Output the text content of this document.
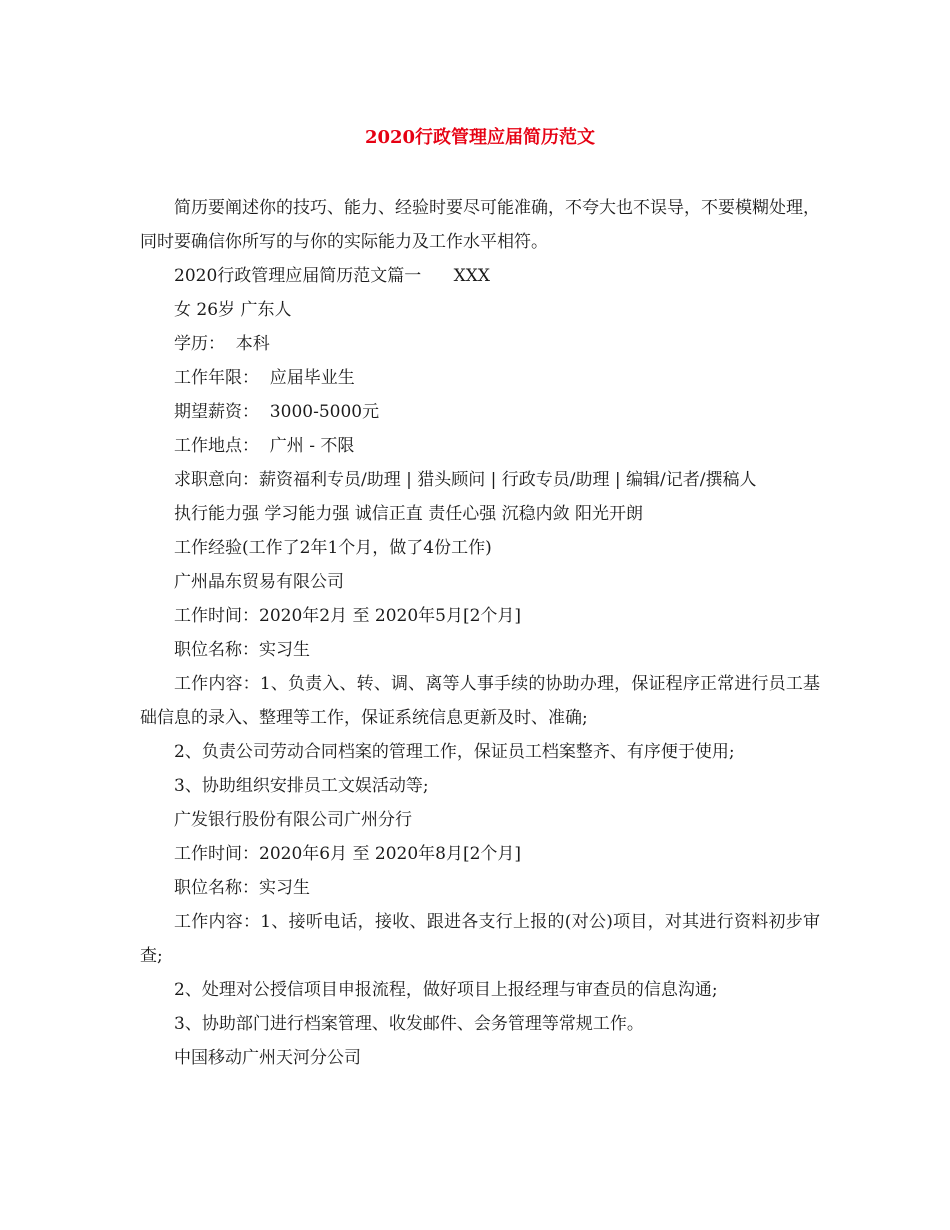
2020行政管理应届简历范文

简历要阐述你的技巧、能力、经验时要尽可能准确，不夸大也不误导，不要模糊处理，同时要确信你所写的与你的实际能力及工作水平相符。

2020行政管理应届简历范文篇一      XXX

女 26岁 广东人

学历：  本科

工作年限：  应届毕业生

期望薪资：  3000-5000元

工作地点：  广州 - 不限

求职意向：薪资福利专员/助理 | 猎头顾问 | 行政专员/助理 | 编辑/记者/撰稿人

执行能力强 学习能力强 诚信正直 责任心强 沉稳内敛 阳光开朗

工作经验(工作了2年1个月，做了4份工作)

广州晶东贸易有限公司

工作时间：2020年2月 至 2020年5月[2个月]

职位名称：实习生

工作内容：1、负责入、转、调、离等人事手续的协助办理，保证程序正常进行员工基础信息的录入、整理等工作，保证系统信息更新及时、准确;

2、负责公司劳动合同档案的管理工作，保证员工档案整齐、有序便于使用;

3、协助组织安排员工文娱活动等;

广发银行股份有限公司广州分行

工作时间：2020年6月 至 2020年8月[2个月]

职位名称：实习生

工作内容：1、接听电话，接收、跟进各支行上报的(对公)项目，对其进行资料初步审查;

2、处理对公授信项目申报流程，做好项目上报经理与审查员的信息沟通;

3、协助部门进行档案管理、收发邮件、会务管理等常规工作。

中国移动广州天河分公司
